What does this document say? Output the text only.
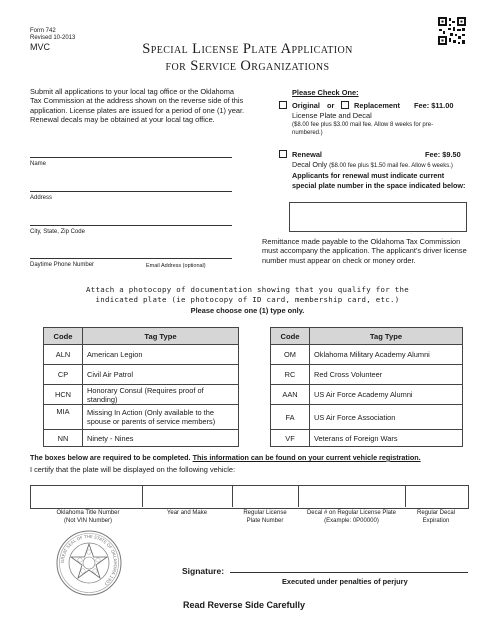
Form 742
Revised 10-2013
MVC	Special License Plate Application
for Service Organizations
Submit all applications to your local tag office or the Oklahoma Tax Commission at the address shown on the reverse side of this application. License plates are issued for a period of one (1) year. Renewal decals may be obtained at your local tag office.
Name
Address
City, State, Zip Code
Daytime Phone Number	Email Address (optional)
Please Check One:
Original or	Replacement Fee: $11.00
License Plate and Decal
($8.00 fee plus $3.00 mail fee. Allow 8 weeks for pre-numbered.)
Renewal	Fee: $9.50
Decal Only ($8.00 fee plus $1.50 mail fee. Allow 6 weeks.) Applicants for renewal must indicate current special plate number in the space indicated below:
Remittance made payable to the Oklahoma Tax Commission must accompany the application. The applicant’s driver license number must appear on check or money order.
Attach a photocopy of documentation showing that you qualify for the
indicated plate (ie photocopy of ID card, membership card, etc.)
Please choose one (1) type only.
Code	Tag Type
ALN	American Legion
CP	Civil Air Patrol
HCN	Honorary Consul (Requires proof of standing)
MIA	Missing In Action (Only available to the spouse or parents of service members)
NN	Ninety - Nines
Code	Tag Type
OM	Oklahoma Military Academy Alumni
RC	Red Cross Volunteer
AAN	US Air Force Academy Alumni
FA	US Air Force Association
VF	Veterans of Foreign Wars
The boxes below are required to be completed. This information can be found on your current vehicle registration.
I certify that the plate will be displayed on the following vehicle:
Oklahoma Title Number (Not VIN Number)
Year and Make	Regular License Plate Number
Decal # on Regular License Plate (Example: 0P00000)
Regular Decal Expiration
GREAT SEAL OF THE STATE OF OKLAHOMA 1907
Signature:
Executed under penalties of perjury
Read Reverse Side Carefully
